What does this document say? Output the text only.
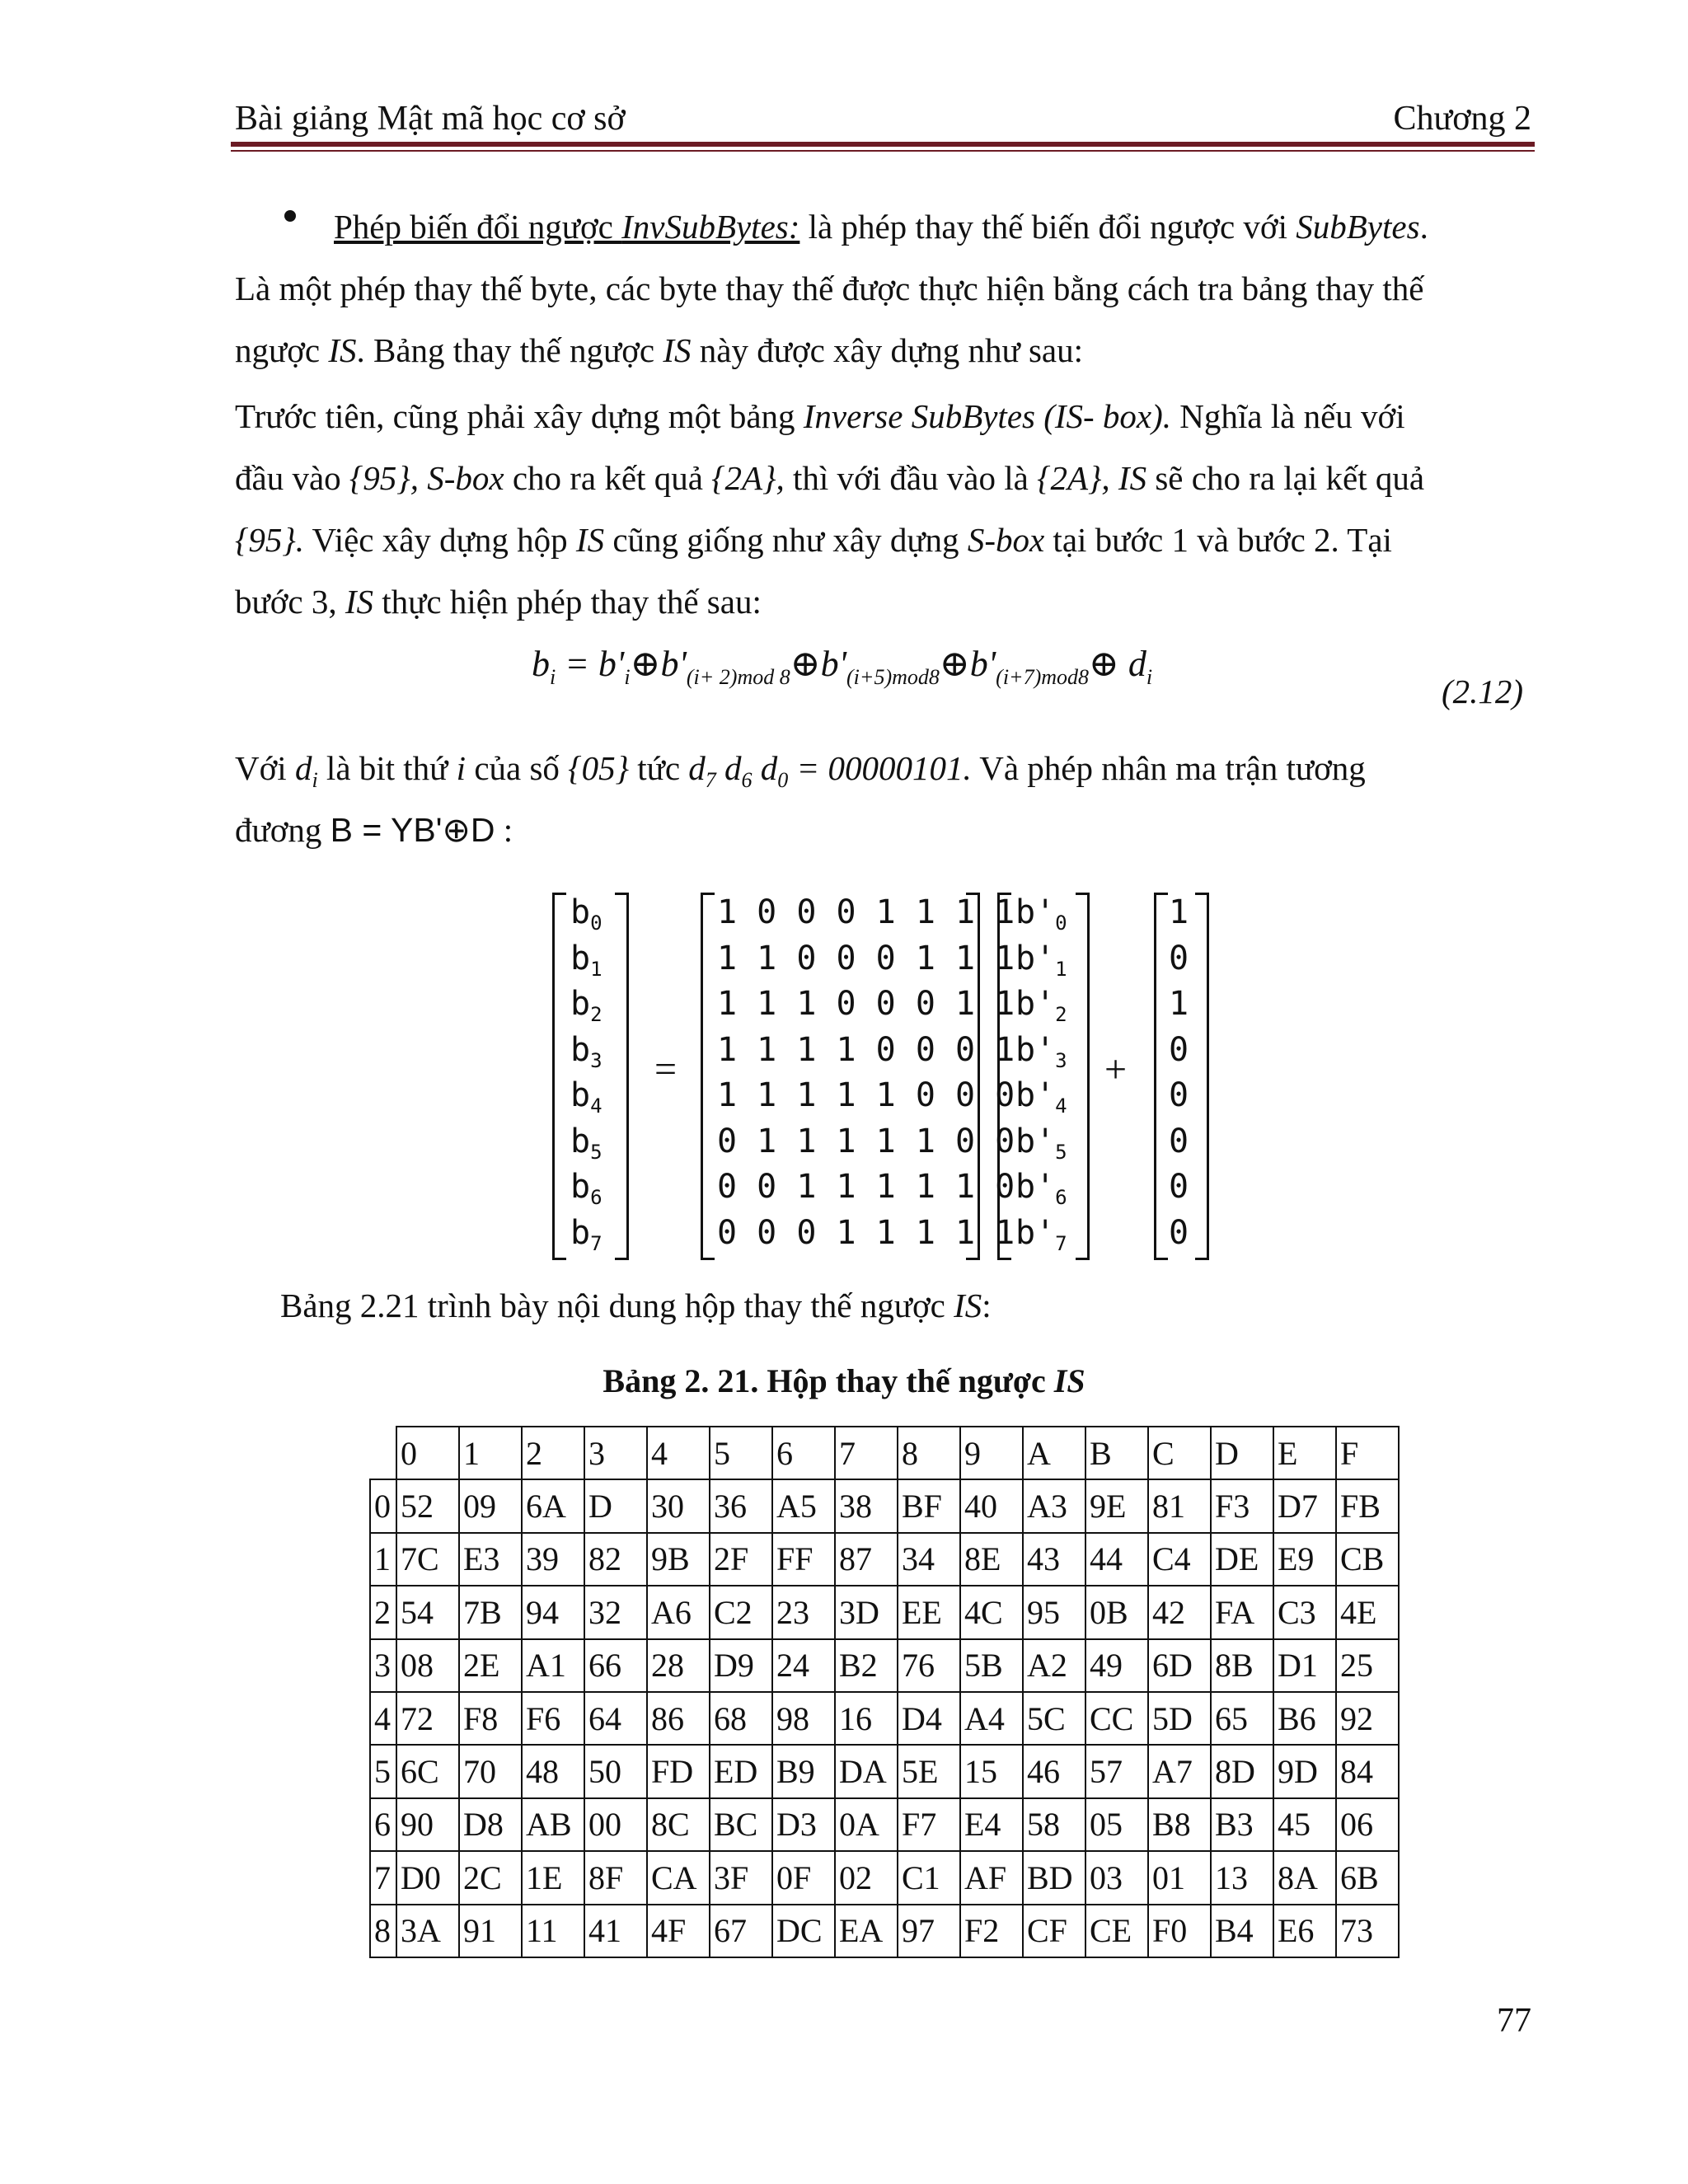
Bài giảng Mật mã học cơ sở	Chương 2
Phép biến đổi ngược InvSubBytes: là phép thay thế biến đổi ngược với SubBytes.
Là một phép thay thế byte, các byte thay thế được thực hiện bằng cách tra bảng thay thế
ngược IS. Bảng thay thế ngược IS này được xây dựng như sau:
Trước tiên, cũng phải xây dựng một bảng Inverse SubBytes (IS- box). Nghĩa là nếu với
đầu vào {95}, S-box cho ra kết quả {2A}, thì với đầu vào là {2A}, IS sẽ cho ra lại kết quả
{95}. Việc xây dựng hộp IS cũng giống như xây dựng S-box tại bước 1 và bước 2. Tại
bước 3, IS thực hiện phép thay thế sau:
$b_i$ = $b'_i\oplus b'_{(i+ 2)mod 8}\oplus b'_{(i+5)mod8}\oplus b'_{(i+7)mod8}\oplus$ $d_i$	(2.12)
Với $d_i$ là bit thứ i của số {05} tức $d_7$ $d_6$ $d_0 = 00000101$. Và phép nhân ma trận tương
đương B = YB'⊕D :
$b_0$
$b_1$
$b_2$
$b_3$
$b_4$
$b_5$
$b_6$
$b_7$
=
1 0 0 0 1 1 1 1
1 1 0 0 0 1 1 1
1 1 1 0 0 0 1 1
1 1 1 1 0 0 0 1
1 1 1 1 1 0 0 0
0 1 1 1 1 1 0 0
0 0 1 1 1 1 1 0
0 0 0 1 1 1 1 1
$b'_0$
$b'_1$
$b'_2$
$b'_3$
$b'_4$
$b'_5$
$b'_6$
$b'_7$
+
1
0
1
0
0
0
0
0
Bảng 2.21 trình bày nội dung hộp thay thế ngược IS:
Bảng 2. 21. Hộp thay thế ngược IS
	0	1	2	3	4	5	6	7	8	9	A	B	C	D	E	F
0	52	09	6A	D	30	36	A5	38	BF	40	A3	9E	81	F3	D7	FB
1	7C	E3	39	82	9B	2F	FF	87	34	8E	43	44	C4	DE	E9	CB
2	54	7B	94	32	A6	C2	23	3D	EE	4C	95	0B	42	FA	C3	4E
3	08	2E	A1	66	28	D9	24	B2	76	5B	A2	49	6D	8B	D1	25
4	72	F8	F6	64	86	68	98	16	D4	A4	5C	CC	5D	65	B6	92
5	6C	70	48	50	FD	ED	B9	DA	5E	15	46	57	A7	8D	9D	84
6	90	D8	AB	00	8C	BC	D3	0A	F7	E4	58	05	B8	B3	45	06
7	D0	2C	1E	8F	CA	3F	0F	02	C1	AF	BD	03	01	13	8A	6B
8	3A	91	11	41	4F	67	DC	EA	97	F2	CF	CE	F0	B4	E6	73
77
